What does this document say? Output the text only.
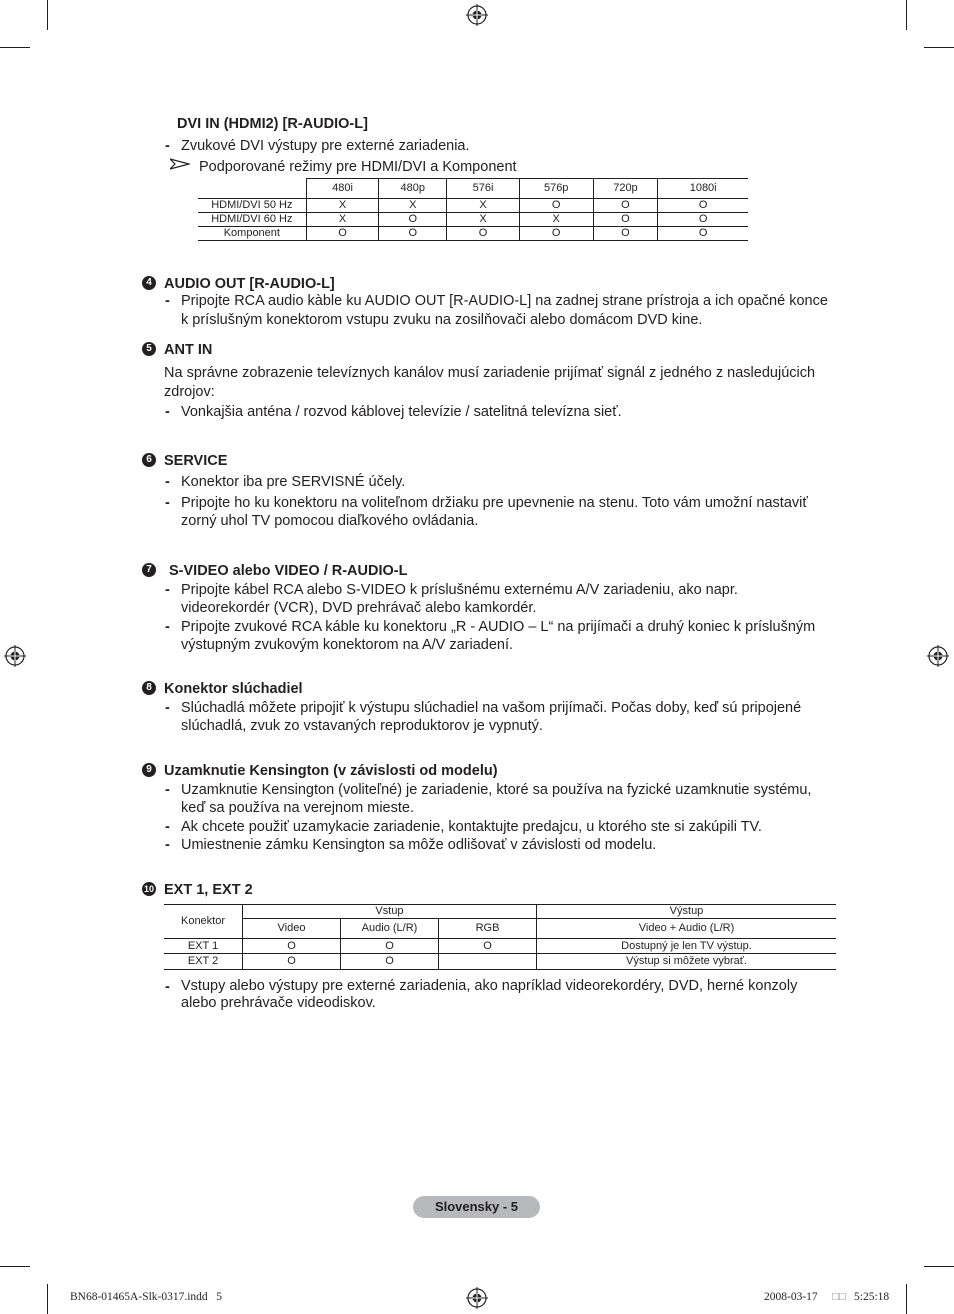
DVI IN (HDMI2) [R-AUDIO-L]
- Zvukové DVI výstupy pre externé zariadenia.
Podporované režimy pre HDMI/DVI a Komponent
	480i	480p	576i	576p	720p	1080i
HDMI/DVI 50 Hz	X	X	X	O	O	O
HDMI/DVI 60 Hz	X	O	X	X	O	O
Komponent	O	O	O	O	O	O
4 AUDIO OUT [R-AUDIO-L]
- Pripojte RCA audio kàble ku AUDIO OUT [R-AUDIO-L] na zadnej strane prístroja a ich opačné konce k príslušným konektorom vstupu zvuku na zosilňovači alebo domácom DVD kine.
5 ANT IN
Na správne zobrazenie televíznych kanálov musí zariadenie prijímať signál z jedného z nasledujúcich zdrojov:
- Vonkajšia anténa / rozvod káblovej televízie / satelitná televízna sieť.
6 SERVICE
- Konektor iba pre SERVISNÉ účely.
- Pripojte ho ku konektoru na voliteľnom držiaku pre upevnenie na stenu. Toto vám umožní nastaviť zorný uhol TV pomocou diaľkového ovládania.
7 S-VIDEO alebo VIDEO / R-AUDIO-L
- Pripojte kábel RCA alebo S-VIDEO k príslušnému externému A/V zariadeniu, ako napr. videorekordér (VCR), DVD prehrávač alebo kamkordér.
- Pripojte zvukové RCA káble ku konektoru „R - AUDIO – L“ na prijímači a druhý koniec k príslušným výstupným zvukovým konektorom na A/V zariadení.
8 Konektor slúchadiel
- Slúchadlá môžete pripojiť k výstupu slúchadiel na vašom prijímači. Počas doby, keď sú pripojené slúchadlá, zvuk zo vstavaných reproduktorov je vypnutý.
9 Uzamknutie Kensington (v závislosti od modelu)
- Uzamknutie Kensington (voliteľné) je zariadenie, ktoré sa používa na fyzické uzamknutie systému, keď sa používa na verejnom mieste.
- Ak chcete použiť uzamykacie zariadenie, kontaktujte predajcu, u ktorého ste si zakúpili TV.
- Umiestnenie zámku Kensington sa môže odlišovať v závislosti od modelu.
10 EXT 1, EXT 2
Konektor	Vstup			Výstup
	Video	Audio (L/R)	RGB	Video + Audio (L/R)
EXT 1	O	O	O	Dostupný je len TV výstup.
EXT 2	O	O		Výstup si môžete vybrať.
- Vstupy alebo výstupy pre externé zariadenia, ako napríklad videorekordéry, DVD, herné konzoly alebo prehrávače videodiskov.
Slovensky - 5
BN68-01465A-Slk-0317.indd   5	2008-03-17 □□ 5:25:18
